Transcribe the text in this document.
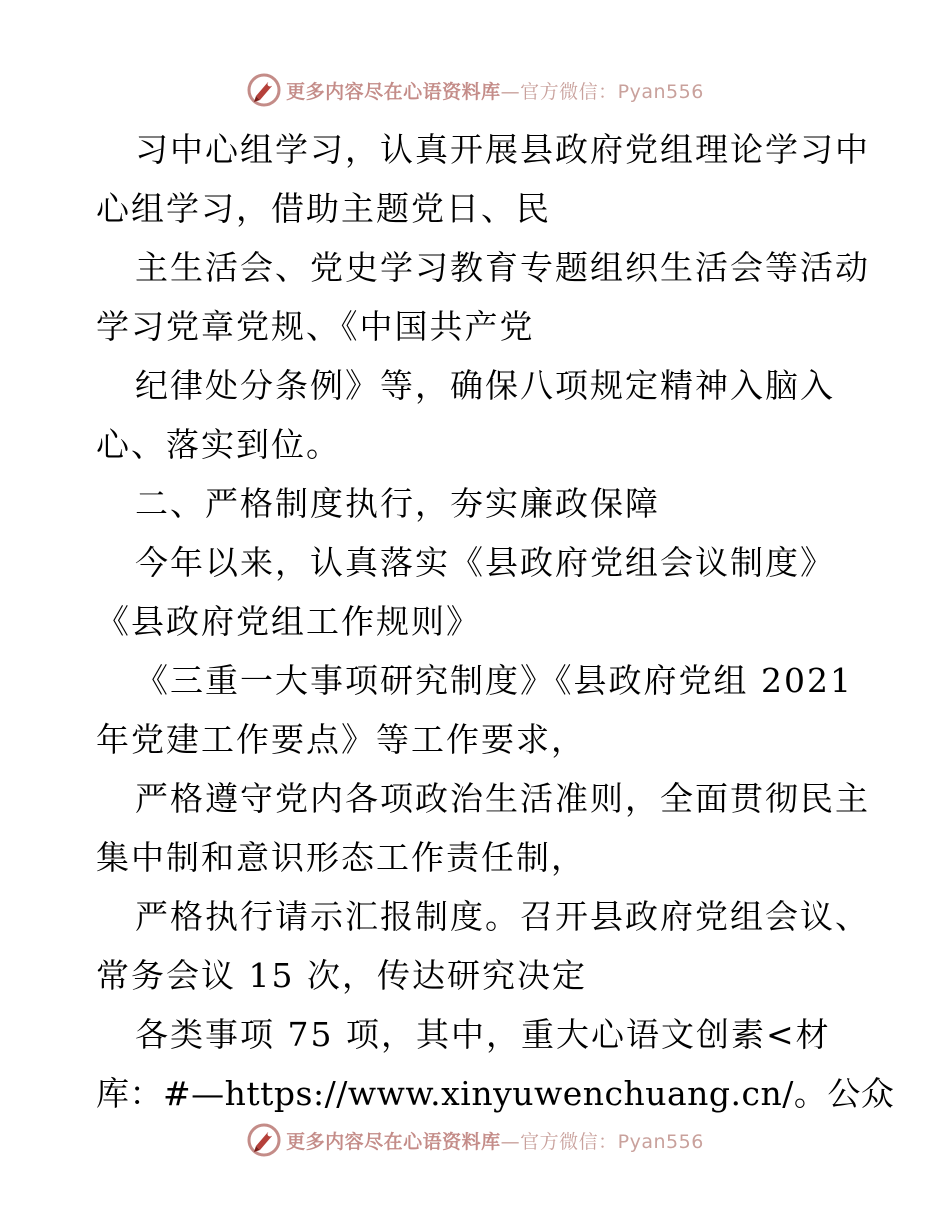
更多内容尽在心语资料库—官方微信：Pyan556
习中心组学习，认真开展县政府党组理论学习中
心组学习，借助主题党日、民
主生活会、党史学习教育专题组织生活会等活动
学习党章党规、《中国共产党
纪律处分条例》等，确保八项规定精神入脑入
心、落实到位。
二、严格制度执行，夯实廉政保障
今年以来，认真落实《县政府党组会议制度》
《县政府党组工作规则》
《三重一大事项研究制度》《县政府党组 2021
年党建工作要点》等工作要求，
严格遵守党内各项政治生活准则，全面贯彻民主
集中制和意识形态工作责任制，
严格执行请示汇报制度。召开县政府党组会议、
常务会议 15 次，传达研究决定
各类事项 75 项，其中，重大心语文创素<材
库：#—https://www.xinyuwenchuang.cn/。公众
更多内容尽在心语资料库—官方微信：Pyan556
